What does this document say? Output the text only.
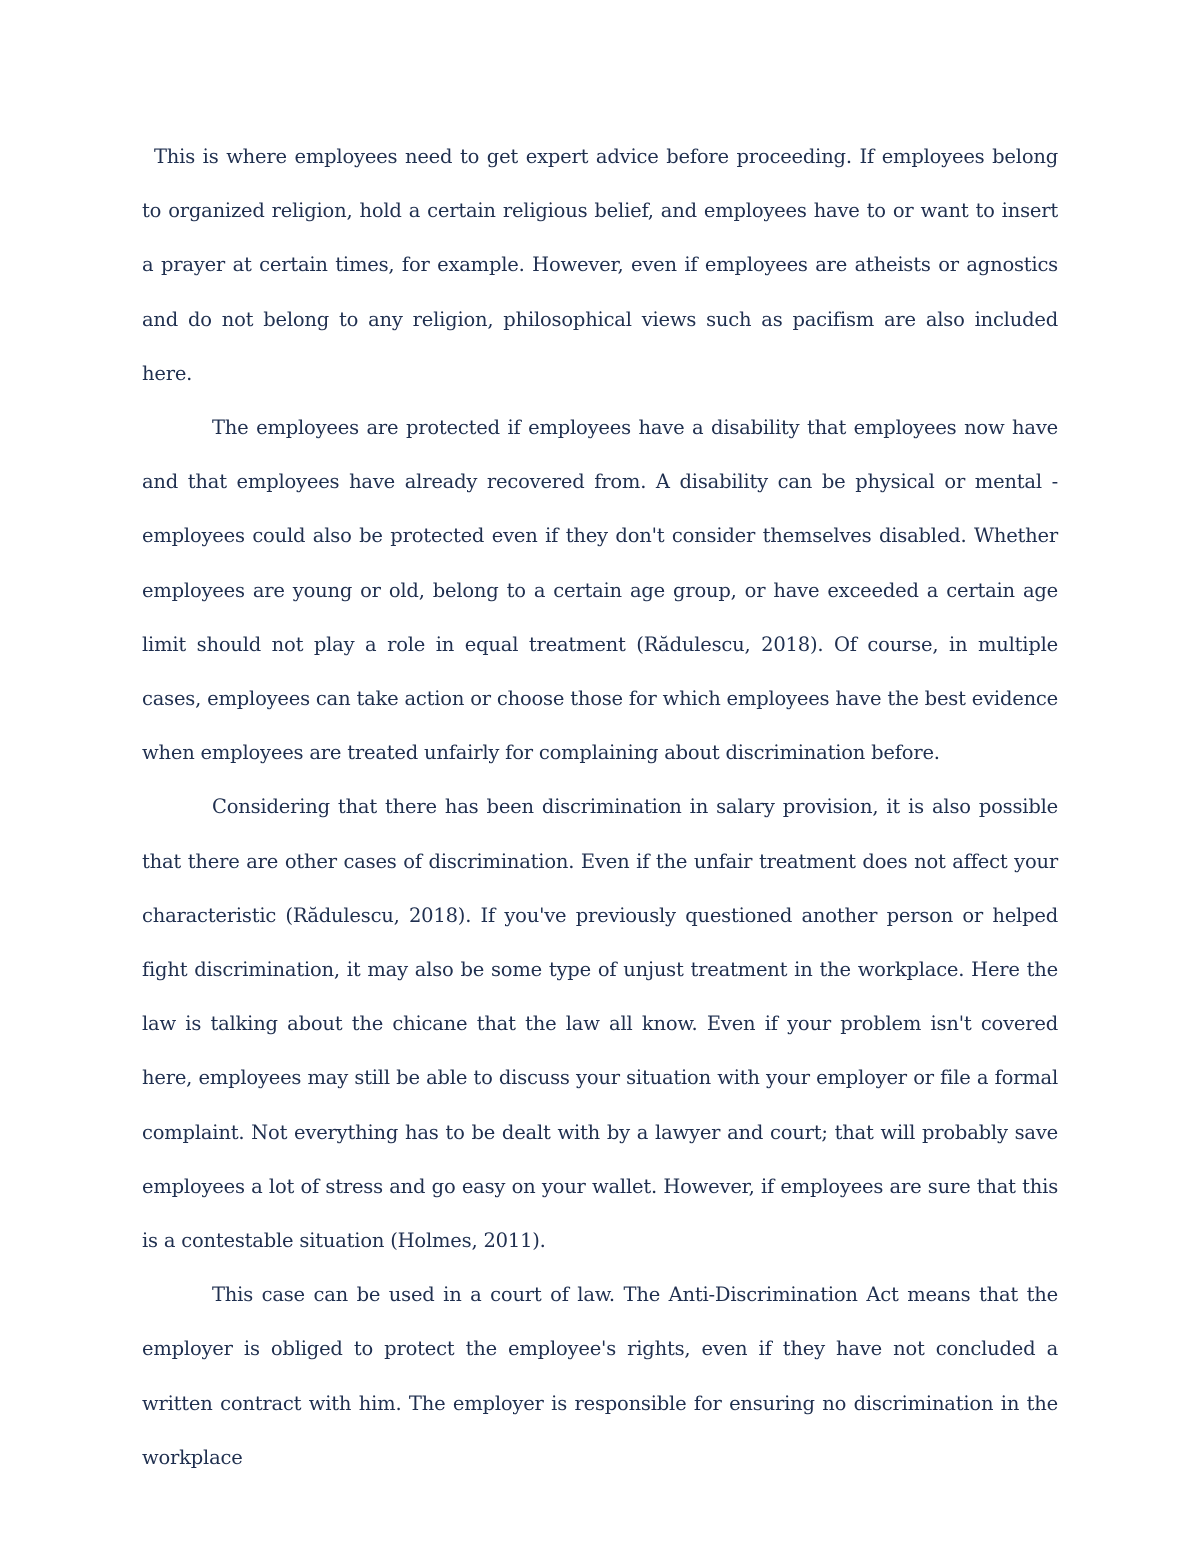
This is where employees need to get expert advice before proceeding. If employees belong to organized religion, hold a certain religious belief, and employees have to or want to insert a prayer at certain times, for example. However, even if employees are atheists or agnostics and do not belong to any religion, philosophical views such as pacifism are also included here.

The employees are protected if employees have a disability that employees now have and that employees have already recovered from. A disability can be physical or mental - employees could also be protected even if they don't consider themselves disabled. Whether employees are young or old, belong to a certain age group, or have exceeded a certain age limit should not play a role in equal treatment (Rădulescu, 2018). Of course, in multiple cases, employees can take action or choose those for which employees have the best evidence when employees are treated unfairly for complaining about discrimination before.

Considering that there has been discrimination in salary provision, it is also possible that there are other cases of discrimination. Even if the unfair treatment does not affect your characteristic (Rădulescu, 2018). If you've previously questioned another person or helped fight discrimination, it may also be some type of unjust treatment in the workplace. Here the law is talking about the chicane that the law all know. Even if your problem isn't covered here, employees may still be able to discuss your situation with your employer or file a formal complaint. Not everything has to be dealt with by a lawyer and court; that will probably save employees a lot of stress and go easy on your wallet. However, if employees are sure that this is a contestable situation (Holmes, 2011).

This case can be used in a court of law. The Anti-Discrimination Act means that the employer is obliged to protect the employee's rights, even if they have not concluded a written contract with him. The employer is responsible for ensuring no discrimination in the workplace
